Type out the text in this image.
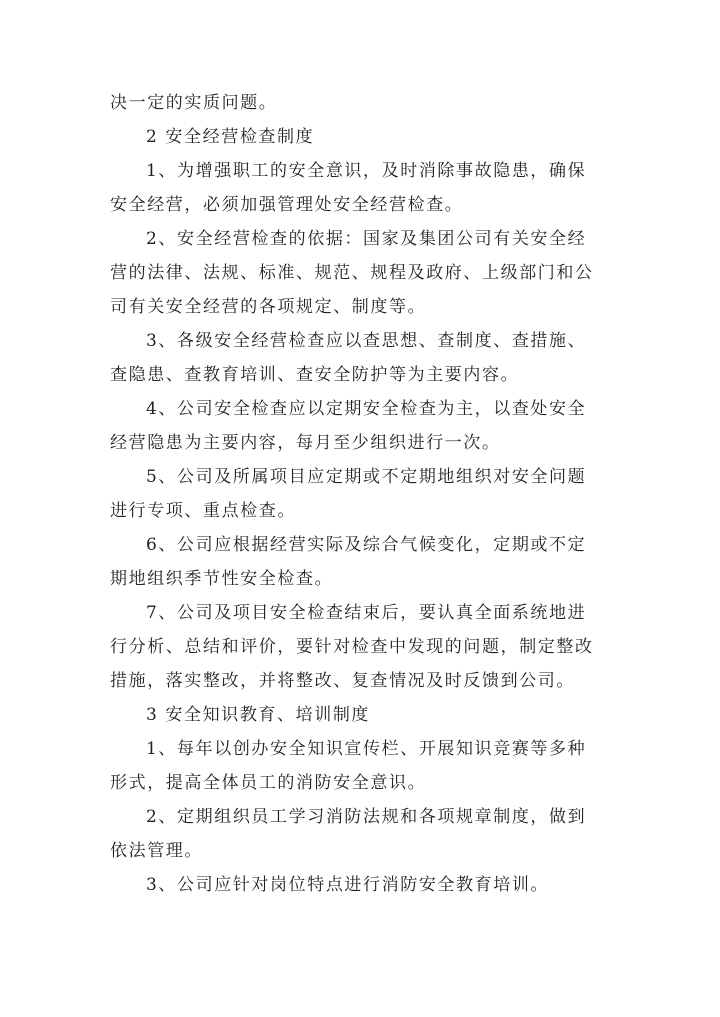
决一定的实质问题。
2 安全经营检查制度
1、为增强职工的安全意识，及时消除事故隐患，确保
安全经营，必须加强管理处安全经营检查。
2、安全经营检查的依据：国家及集团公司有关安全经
营的法律、法规、标准、规范、规程及政府、上级部门和公
司有关安全经营的各项规定、制度等。
3、各级安全经营检查应以查思想、查制度、查措施、
查隐患、查教育培训、查安全防护等为主要内容。
4、公司安全检查应以定期安全检查为主，以查处安全
经营隐患为主要内容，每月至少组织进行一次。
5、公司及所属项目应定期或不定期地组织对安全问题
进行专项、重点检查。
6、公司应根据经营实际及综合气候变化，定期或不定
期地组织季节性安全检查。
7、公司及项目安全检查结束后，要认真全面系统地进
行分析、总结和评价，要针对检查中发现的问题，制定整改
措施，落实整改，并将整改、复查情况及时反馈到公司。
3 安全知识教育、培训制度
1、每年以创办安全知识宣传栏、开展知识竞赛等多种
形式，提高全体员工的消防安全意识。
2、定期组织员工学习消防法规和各项规章制度，做到
依法管理。
3、公司应针对岗位特点进行消防安全教育培训。
